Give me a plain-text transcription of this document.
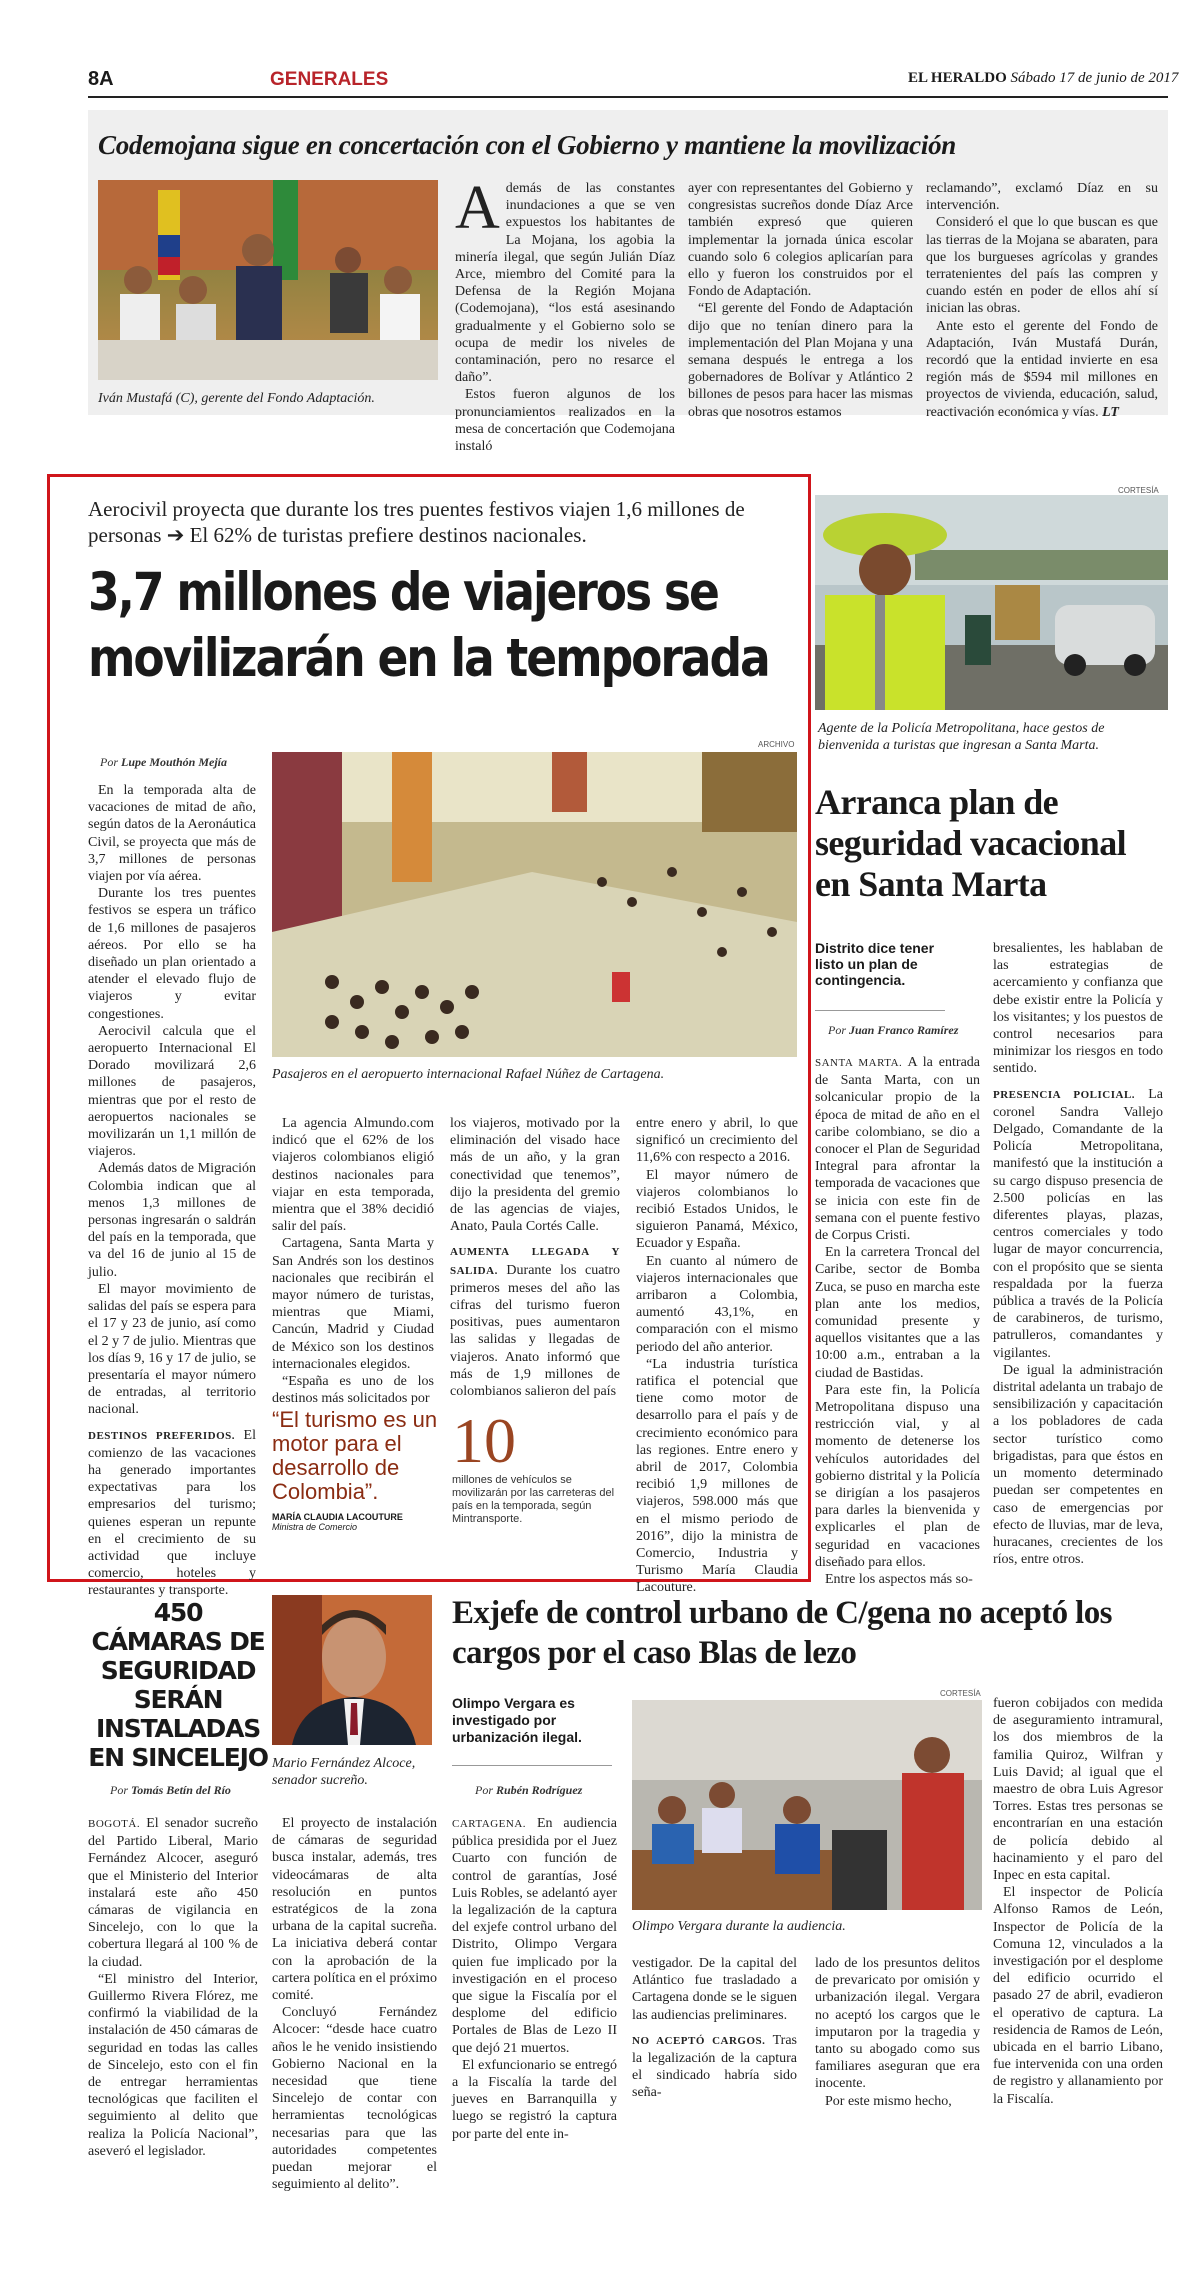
8A	GENERALES	EL HERALDO Sábado 17 de junio de 2017
Codemojana sigue en concertación con el Gobierno y mantiene la movilización
Iván Mustafá (C), gerente del Fondo Adaptación.

Además de las constantes inundaciones a que se ven expuestos los habitantes de La Mojana, los agobia la minería ilegal, que según Julián Díaz Arce, miembro del Comité para la Defensa de la Región Mojana (Codemojana), “los está asesinando gradualmente y el Gobierno solo se ocupa de medir los niveles de contaminación, pero no resarce el daño”.

Estos fueron algunos de los pronunciamientos realizados en la mesa de concertación que Codemojana instaló

ayer con representantes del Gobierno y congresistas sucreños donde Díaz Arce también expresó que quieren implementar la jornada única escolar cuando solo 6 colegios aplicarían para ello y fueron los construidos por el Fondo de Adaptación.

“El gerente del Fondo de Adaptación dijo que no tenían dinero para la implementación del Plan Mojana y una semana después le entrega a los gobernadores de Bolívar y Atlántico 2 billones de pesos para hacer las mismas obras que nosotros estamos

reclamando”, exclamó Díaz en su intervención.

Consideró el que lo que buscan es que las tierras de la Mojana se abaraten, para que los burgueses agrícolas y grandes terratenientes del país las compren y cuando estén en poder de ellos ahí sí inician las obras.

Ante esto el gerente del Fondo de Adaptación, Iván Mustafá Durán, recordó que la entidad invierte en esa región más de $594 mil millones en proyectos de vivienda, educación, salud, reactivación económica y vías. LT

Aerocivil proyecta que durante los tres puentes festivos viajen 1,6 millones de personas ➔ El 62% de turistas prefiere destinos nacionales.
3,7 millones de viajeros se movilizarán en la temporada
Por Lupe Mouthón Mejía
ARCHIVO
Pasajeros en el aeropuerto internacional Rafael Núñez de Cartagena.

En la temporada alta de vacaciones de mitad de año, según datos de la Aeronáutica Civil, se proyecta que más de 3,7 millones de personas viajen por vía aérea.

Durante los tres puentes festivos se espera un tráfico de 1,6 millones de pasajeros aéreos. Por ello se ha diseñado un plan orientado a atender el elevado flujo de viajeros y evitar congestiones.

Aerocivil calcula que el aeropuerto Internacional El Dorado movilizará 2,6 millones de pasajeros, mientras que por el resto de aeropuertos nacionales se movilizarán un 1,1 millón de viajeros.

Además datos de Migración Colombia indican que al menos 1,3 millones de personas ingresarán o saldrán del país en la temporada, que va del 16 de junio al 15 de julio.

El mayor movimiento de salidas del país se espera para el 17 y 23 de junio, así como el 2 y 7 de julio. Mientras que los días 9, 16 y 17 de julio, se presentaría el mayor número de entradas, al territorio nacional.

DESTINOS PREFERIDOS. El comienzo de las vacaciones ha generado importantes expectativas para los empresarios del turismo; quienes esperan un repunte en el crecimiento de su actividad que incluye comercio, hoteles y restaurantes y transporte.

La agencia Almundo.com indicó que el 62% de los viajeros colombianos eligió destinos nacionales para viajar en esta temporada, mientra que el 38% decidió salir del país.

Cartagena, Santa Marta y San Andrés son los destinos nacionales que recibirán el mayor número de turistas, mientras que Miami, Cancún, Madrid y Ciudad de México son los destinos internacionales elegidos.

“España es uno de los destinos más solicitados por

los viajeros, motivado por la eliminación del visado hace más de un año, y la gran conectividad que tenemos”, dijo la presidenta del gremio de las agencias de viajes, Anato, Paula Cortés Calle.

AUMENTA LLEGADA Y SALIDA. Durante los cuatro primeros meses del año las cifras del turismo fueron positivas, pues aumentaron las salidas y llegadas de viajeros. Anato informó que más de 1,9 millones de colombianos salieron del país

entre enero y abril, lo que significó un crecimiento del 11,6% con respecto a 2016.

El mayor número de viajeros colombianos lo recibió Estados Unidos, le siguieron Panamá, México, Ecuador y España.

En cuanto al número de viajeros internacionales que arribaron a Colombia, aumentó 43,1%, en comparación con el mismo periodo del año anterior.

“La industria turística ratifica el potencial que tiene como motor de desarrollo para el país y de crecimiento económico para las regiones. Entre enero y abril de 2017, Colombia recibió 1,9 millones de viajeros, 598.000 más que en el mismo periodo de 2016”, dijo la ministra de Comercio, Industria y Turismo María Claudia Lacouture.

“El turismo es un motor para el desarrollo de Colombia”.
MARÍA CLAUDIA LACOUTURE
Ministra de Comercio
10
millones de vehículos se movilizarán por las carreteras del país en la temporada, según Mintransporte.
CORTESÍA
Agente de la Policía Metropolitana, hace gestos de bienvenida a turistas que ingresan a Santa Marta.
Arranca plan de seguridad vacacional en Santa Marta
Distrito dice tener listo un plan de contingencia.
Por Juan Franco Ramírez

SANTA MARTA. A la entrada de Santa Marta, con un solcanicular propio de la época de mitad de año en el caribe colombiano, se dio a conocer el Plan de Seguridad Integral para afrontar la temporada de vacaciones que se inicia con este fin de semana con el puente festivo de Corpus Cristi.

En la carretera Troncal del Caribe, sector de Bomba Zuca, se puso en marcha este plan ante los medios, comunidad presente y aquellos visitantes que a las 10:00 a.m., entraban a la ciudad de Bastidas.

Para este fin, la Policía Metropolitana dispuso una restricción vial, y al momento de detenerse los vehículos autoridades del gobierno distrital y la Policía se dirigían a los pasajeros para darles la bienvenida y explicarles el plan de seguridad en vacaciones diseñado para ellos.

Entre los aspectos más so-

bresalientes, les hablaban de las estrategias de acercamiento y confianza que debe existir entre la Policía y los visitantes; y los puestos de control necesarios para minimizar los riesgos en todo sentido.

PRESENCIA POLICIAL. La coronel Sandra Vallejo Delgado, Comandante de la Policía Metropolitana, manifestó que la institución a su cargo dispuso presencia de 2.500 policías en las diferentes playas, plazas, centros comerciales y todo lugar de mayor concurrencia, con el propósito que se sienta respaldada por la fuerza pública a través de la Policía de carabineros, de turismo, patrulleros, comandantes y vigilantes.

De igual la administración distrital adelanta un trabajo de sensibilización y capacitación a los pobladores de cada sector turístico como brigadistas, para que éstos en un momento determinado puedan ser competentes en caso de emergencias por efecto de lluvias, mar de leva, huracanes, crecientes de los ríos, entre otros.

450 CÁMARAS DE SEGURIDAD SERÁN INSTALADAS EN SINCELEJO
Por Tomás Betín del Río
Mario Fernández Alcoce, senador sucreño.

BOGOTÁ. El senador sucreño del Partido Liberal, Mario Fernández Alcocer, aseguró que el Ministerio del Interior instalará este año 450 cámaras de vigilancia en Sincelejo, con lo que la cobertura llegará al 100 % de la ciudad.

“El ministro del Interior, Guillermo Rivera Flórez, me confirmó la viabilidad de la instalación de 450 cámaras de seguridad en todas las calles de Sincelejo, esto con el fin de entregar herramientas tecnológicas que faciliten el seguimiento al delito que realiza la Policía Nacional”, aseveró el legislador.

El proyecto de instalación de cámaras de seguridad busca instalar, además, tres videocámaras de alta resolución en puntos estratégicos de la zona urbana de la capital sucreña. La iniciativa deberá contar con la aprobación de la cartera política en el próximo comité.

Concluyó Fernández Alcocer: “desde hace cuatro años le he venido insistiendo Gobierno Nacional en la necesidad que tiene Sincelejo de contar con herramientas tecnológicas necesarias para que las autoridades competentes puedan mejorar el seguimiento al delito”.

Exjefe de control urbano de C/gena no aceptó los cargos por el caso Blas de lezo
Olimpo Vergara es investigado por urbanización ilegal.
Por Rubén Rodríguez
CORTESÍA
Olimpo Vergara durante la audiencia.

CARTAGENA. En audiencia pública presidida por el Juez Cuarto con función de control de garantías, José Luis Robles, se adelantó ayer la legalización de la captura del exjefe control urbano del Distrito, Olimpo Vergara quien fue implicado por la investigación en el proceso que sigue la Fiscalía por el desplome del edificio Portales de Blas de Lezo II que dejó 21 muertos.

El exfuncionario se entregó a la Fiscalía la tarde del jueves en Barranquilla y luego se registró la captura por parte del ente in-

vestigador. De la capital del Atlántico fue trasladado a Cartagena donde se le siguen las audiencias preliminares.

NO ACEPTÓ CARGOS. Tras la legalización de la captura el sindicado habría sido seña-

lado de los presuntos delitos de prevaricato por omisión y urbanización ilegal. Vergara no aceptó los cargos que le imputaron por la tragedia y tanto su abogado como sus familiares aseguran que era inocente.

Por este mismo hecho,

fueron cobijados con medida de aseguramiento intramural, los dos miembros de la familia Quiroz, Wilfran y Luis David; al igual que el maestro de obra Luis Agresor Torres. Estas tres personas se encontrarían en una estación de policía debido al hacinamiento y el paro del Inpec en esta capital.

El inspector de Policía Alfonso Ramos de León, Inspector de Policía de la Comuna 12, vinculados a la investigación por el desplome del edificio ocurrido el pasado 27 de abril, evadieron el operativo de captura. La residencia de Ramos de León, ubicada en el barrio Libano, fue intervenida con una orden de registro y allanamiento por la Fiscalía.
